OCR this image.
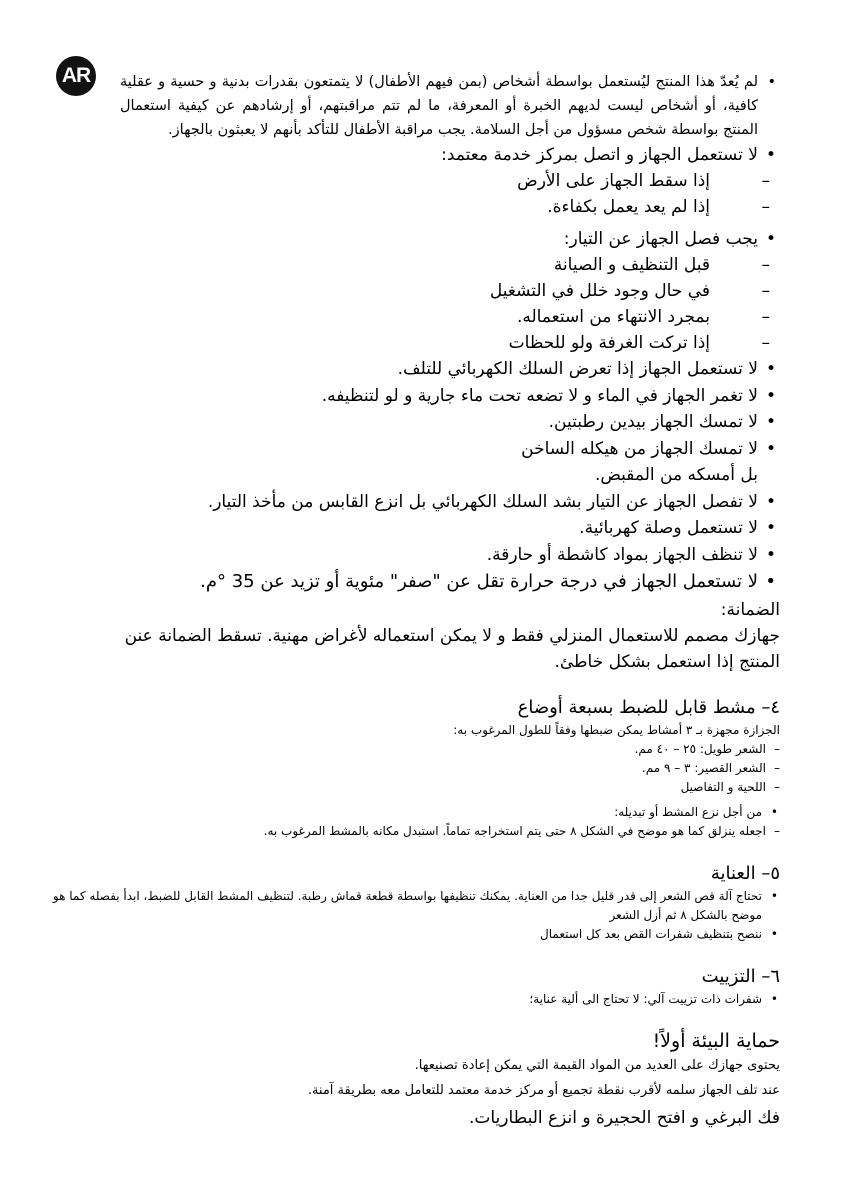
AR
•	لم يُعدّ هذا المنتج ليُستعمل بواسطة أشخاص (بمن فيهم الأطفال) لا يتمتعون بقدرات بدنية و حسية و عقلية كافية، أو أشخاص ليست لديهم الخبرة أو المعرفة، ما لم تتم مراقبتهم، أو إرشادهم عن كيفية استعمال المنتج بواسطة شخص مسؤول من أجل السلامة. يجب مراقبة الأطفال للتأكد بأنهم لا يعبثون بالجهاز.
• لا تستعمل الجهاز و اتصل بمركز خدمة معتمد:
– إذا سقط الجهاز على الأرض
– إذا لم يعد يعمل بكفاءة.
• يجب فصل الجهاز عن التيار:
– قبل التنظيف و الصيانة
– في حال وجود خلل في التشغيل
– بمجرد الانتهاء من استعماله.
– إذا تركت الغرفة ولو للحظات
• لا تستعمل الجهاز إذا تعرض السلك الكهربائي للتلف.
• لا تغمر الجهاز في الماء و لا تضعه تحت ماء جارية و لو لتنظيفه.
• لا تمسك الجهاز بيدين رطبتين.
• لا تمسك الجهاز من هيكله الساخن
بل أمسكه من المقبض.
• لا تفصل الجهاز عن التيار بشد السلك الكهربائي بل انزع القابس من مأخذ التيار.
• لا تستعمل وصلة كهربائية.
• لا تنظف الجهاز بمواد كاشطة أو حارقة.
• لا تستعمل الجهاز في درجة حرارة تقل عن "صفر" مئوية أو تزيد عن 35 °م.
الضمانة:
جهازك مصمم للاستعمال المنزلي فقط و لا يمكن استعماله لأغراض مهنية. تسقط الضمانة عنن المنتج إذا استعمل بشكل خاطئ.
٤– مشط قابل للضبط بسبعة أوضاع
الجزازة مجهزة بـ ٣ أمشاط يمكن ضبطها وفقاً للطول المرغوب به:
– الشعر طويل: ٢٥ – ٤٠ مم.
– الشعر القصير: ٣ – ٩ مم.
– اللحية و التفاصيل
• من أجل نزع المشط أو تبديله:
– اجعله ينزلق كما هو موضح في الشكل ٨ حتى يتم استخراجه تماماً. استبدل مكانه بالمشط المرغوب به.
٥– العناية
• تحتاج آلة قص الشعر إلى قدر قليل جدا من العناية. يمكنك تنظيفها بواسطة قطعة قماش رطبة. لتنظيف المشط القابل للضبط، ابدأ بفصله كما هو موضح بالشكل ٨ ثم أزل الشعر
• ننصح بتنظيف شفرات القص بعد كل استعمال
٦– التزييت
• شفرات ذات تزييت آلي: لا تحتاج الى ألية عناية؛
حماية البيئة أولاً!
يحتوى جهازك على العديد من المواد القيمة التي يمكن إعادة تصنيعها.
عند تلف الجهاز سلمه لأقرب نقطة تجميع أو مركز خدمة معتمد للتعامل معه بطريقة آمنة.
فك البرغي و افتح الحجيرة و انزع البطاريات.
